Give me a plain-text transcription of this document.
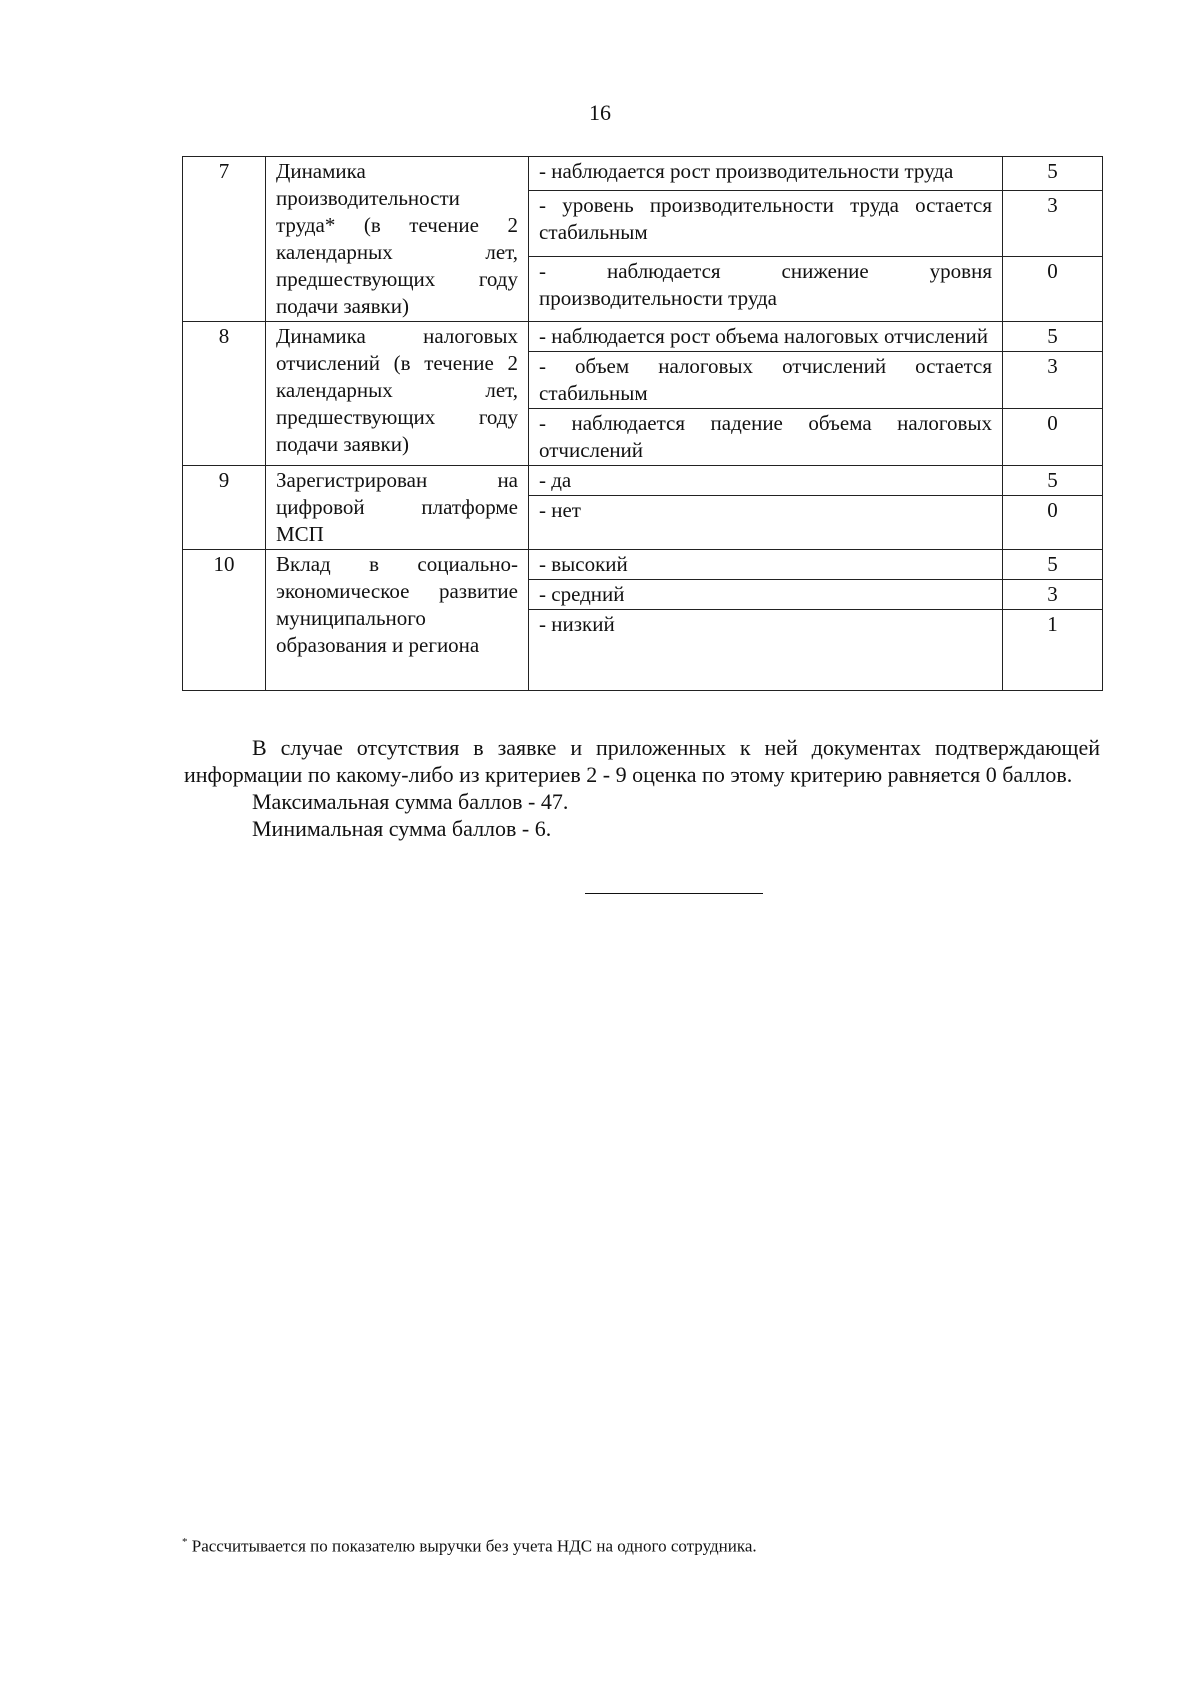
16
7	Динамика производительности труда* (в течение 2 календарных лет, предшествующих году подачи заявки)	- наблюдается рост производительности труда	5
		- уровень производительности труда остается стабильным	3
		- наблюдается снижение уровня производительности труда	0
8	Динамика налоговых отчислений (в течение 2 календарных лет, предшествующих году подачи заявки)	- наблюдается рост объема налоговых отчислений	5
		- объем налоговых отчислений остается стабильным	3
		- наблюдается падение объема налоговых отчислений	0
9	Зарегистрирован на цифровой платформе МСП	- да	5
		- нет	0
10	Вклад в социально-экономическое развитие муниципального образования и региона	- высокий	5
		- средний	3
		- низкий	1

В случае отсутствия в заявке и приложенных к ней документах подтверждающей информации по какому-либо из критериев 2 - 9 оценка по этому критерию равняется 0 баллов.

Максимальная сумма баллов - 47.

Минимальная сумма баллов - 6.

* Рассчитывается по показателю выручки без учета НДС на одного сотрудника.
